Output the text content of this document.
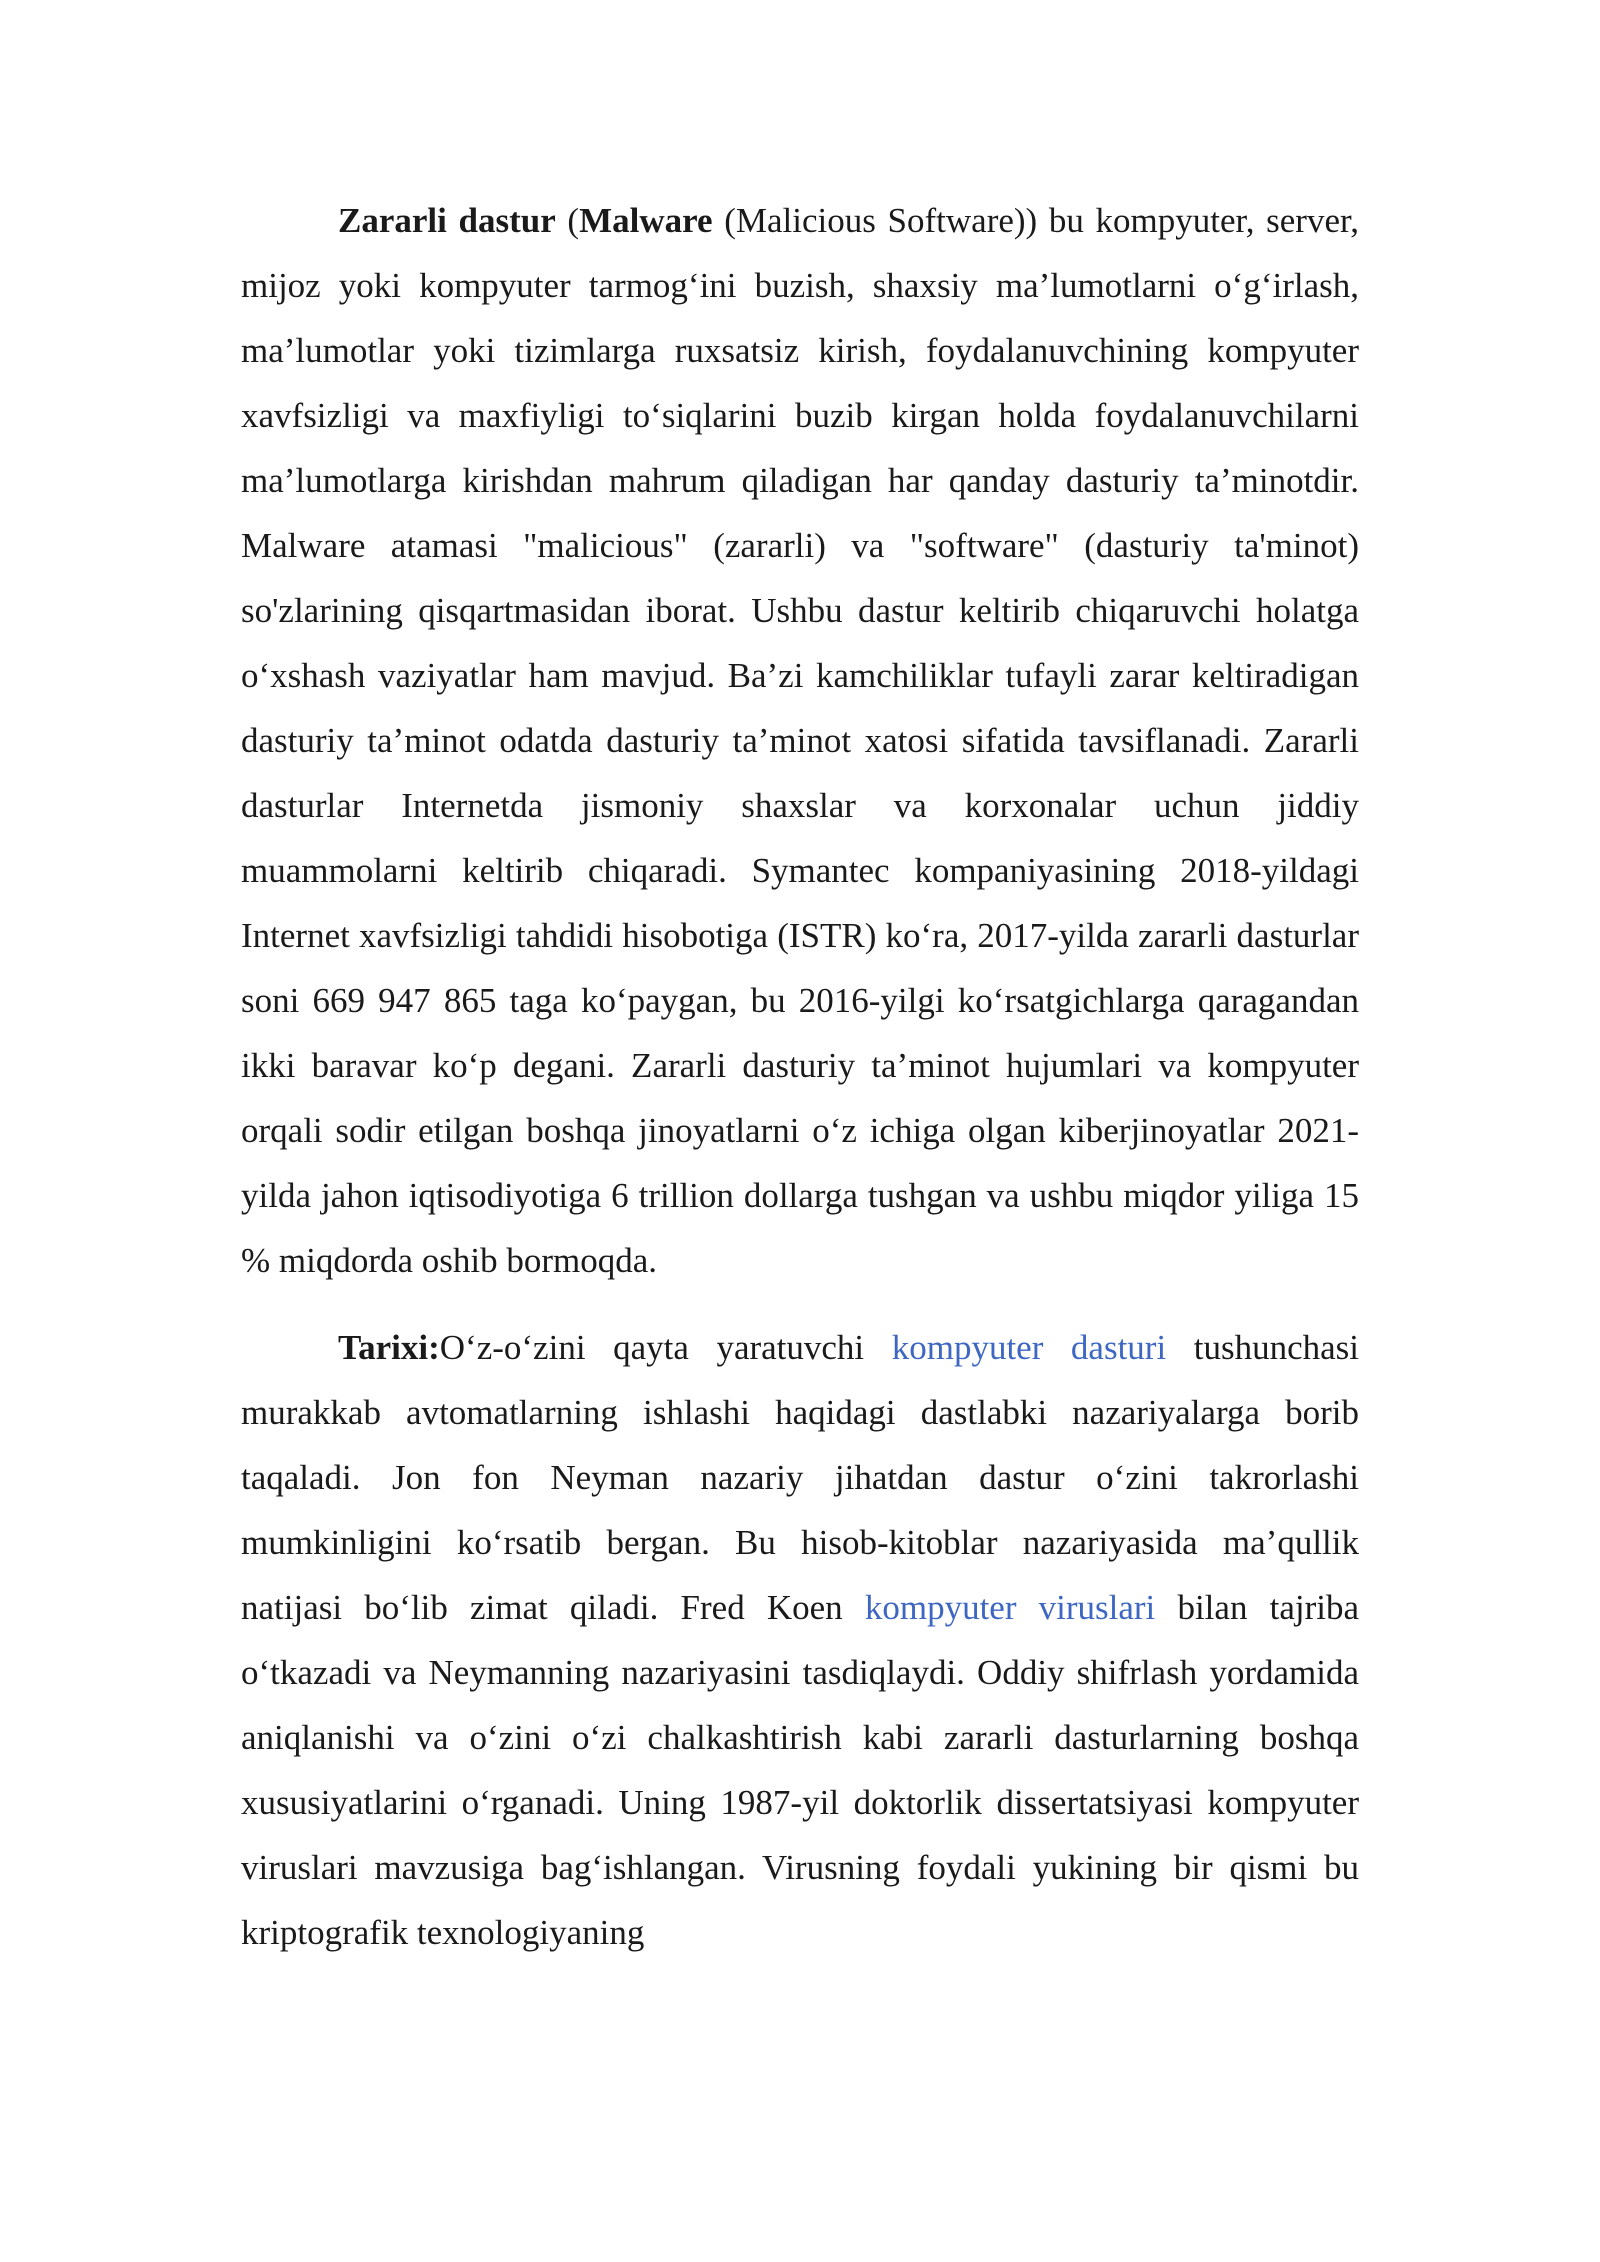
Zararli dastur (Malware (Malicious Software)) bu kompyuter, server, mijoz yoki kompyuter tarmog‘ini buzish, shaxsiy ma’lumotlarni o‘g‘irlash, ma’lumotlar yoki tizimlarga ruxsatsiz kirish, foydalanuvchining kompyuter xavfsizligi va maxfiyligi to‘siqlarini buzib kirgan holda foydalanuvchilarni ma’lumotlarga kirishdan mahrum qiladigan har qanday dasturiy ta’minotdir. Malware atamasi "malicious" (zararli) va "software" (dasturiy ta'minot) so'zlarining qisqartmasidan iborat. Ushbu dastur keltirib chiqaruvchi holatga o‘xshash vaziyatlar ham mavjud. Ba’zi kamchiliklar tufayli zarar keltiradigan dasturiy ta’minot odatda dasturiy ta’minot xatosi sifatida tavsiflanadi. Zararli dasturlar Internetda jismoniy shaxslar va korxonalar uchun jiddiy muammolarni keltirib chiqaradi. Symantec kompaniyasining 2018-yildagi Internet xavfsizligi tahdidi hisobotiga (ISTR) ko‘ra, 2017-yilda zararli dasturlar soni 669 947 865 taga ko‘paygan, bu 2016-yilgi ko‘rsatgichlarga qaragandan ikki baravar ko‘p degani. Zararli dasturiy ta’minot hujumlari va kompyuter orqali sodir etilgan boshqa jinoyatlarni o‘z ichiga olgan kiberjinoyatlar 2021-yilda jahon iqtisodiyotiga 6 trillion dollarga tushgan va ushbu miqdor yiliga 15 % miqdorda oshib bormoqda.

Tarixi:O‘z-o‘zini qayta yaratuvchi kompyuter dasturi tushunchasi murakkab avtomatlarning ishlashi haqidagi dastlabki nazariyalarga borib taqaladi. Jon fon Neyman nazariy jihatdan dastur o‘zini takrorlashi mumkinligini ko‘rsatib bergan. Bu hisob-kitoblar nazariyasida ma’qullik natijasi bo‘lib zimat qiladi. Fred Koen kompyuter viruslari bilan tajriba o‘tkazadi va Neymanning nazariyasini tasdiqlaydi. Oddiy shifrlash yordamida aniqlanishi va o‘zini o‘zi chalkashtirish kabi zararli dasturlarning boshqa xususiyatlarini o‘rganadi. Uning 1987-yil doktorlik dissertatsiyasi kompyuter viruslari mavzusiga bag‘ishlangan. Virusning foydali yukining bir qismi bu kriptografik texnologiyaning
